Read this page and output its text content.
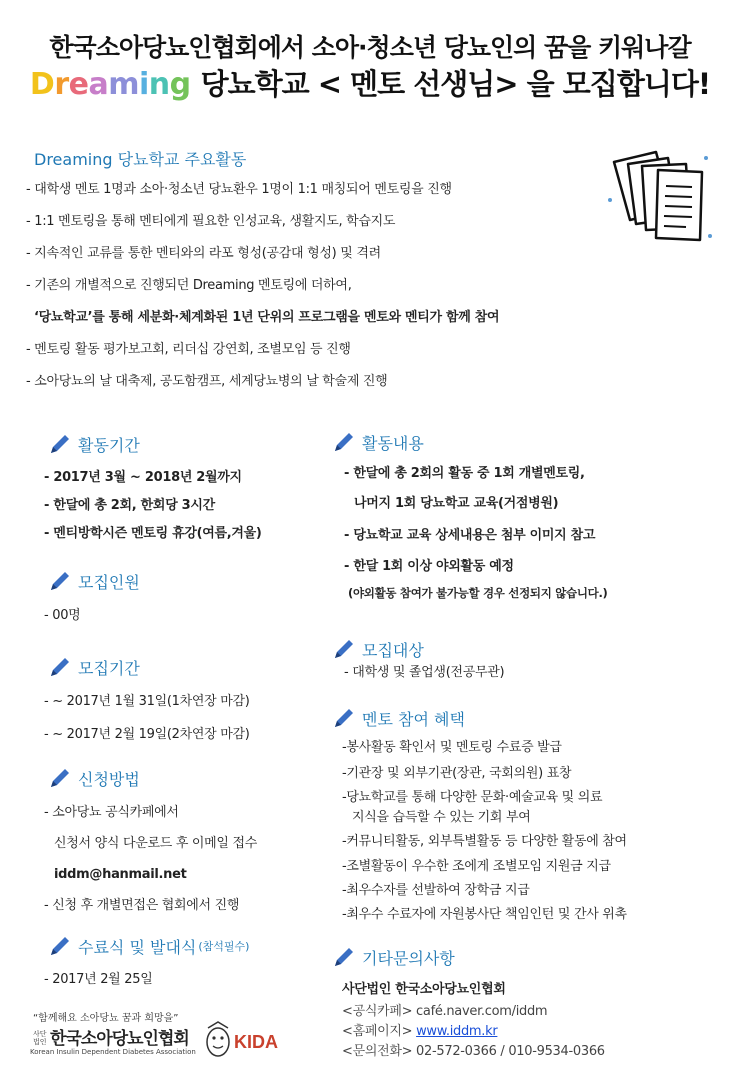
한국소아당뇨인협회에서 소아·청소년 당뇨인의 꿈을 키워나갈
Dreaming 당뇨학교 < 멘토 선생님> 을 모집합니다!
Dreaming 당뇨학교 주요활동
- 대학생 멘토 1명과 소아·청소년 당뇨환우 1명이 1:1 매칭되어 멘토링을 진행
- 1:1 멘토링을 통해 멘티에게 필요한 인성교육, 생활지도, 학습지도
- 지속적인 교류를 통한 멘티와의 라포 형성(공감대 형성) 및 격려
- 기존의 개별적으로 진행되던 Dreaming 멘토링에 더하여,
‘당뇨학교’를 통해 세분화·체계화된 1년 단위의 프로그램을 멘토와 멘티가 함께 참여
- 멘토링 활동 평가보고회, 리더십 강연회, 조별모임 등 진행
- 소아당뇨의 날 대축제, 공도함캠프, 세계당뇨병의 날 학술제 진행
활동기간
- 2017년 3월 ~ 2018년 2월까지
- 한달에 총 2회, 한회당 3시간
- 멘티방학시즌 멘토링 휴강(여름,겨울)
모집인원
- 00명
모집기간
- ~ 2017년 1월 31일(1차연장 마감)
- ~ 2017년 2월 19일(2차연장 마감)
신청방법
- 소아당뇨 공식카페에서
신청서 양식 다운로드 후 이메일 접수
iddm@hanmail.net
- 신청 후 개별면접은 협회에서 진행
수료식 및 발대식 (참석필수)
- 2017년 2월 25일
활동내용
- 한달에 총 2회의 활동 중 1회 개별멘토링,
나머지 1회 당뇨학교 교육(거점병원)
- 당뇨학교 교육 상세내용은 첨부 이미지 참고
- 한달 1회 이상 야외활동 예정
(야외활동 참여가 불가능할 경우 선정되지 않습니다.)
모집대상
- 대학생 및 졸업생(전공무관)
멘토 참여 혜택
-봉사활동 확인서 및 멘토링 수료증 발급
-기관장 및 외부기관(장관, 국회의원) 표창
-당뇨학교를 통해 다양한 문화·예술교육 및 의료
지식을 습득할 수 있는 기회 부여
-커뮤니티활동, 외부특별활동 등 다양한 활동에 참여
-조별활동이 우수한 조에게 조별모임 지원금 지급
-최우수자를 선발하여 장학금 지급
-최우수 수료자에 자원봉사단 책임인턴 및 간사 위촉
기타문의사항
사단법인 한국소아당뇨인협회
<공식카페> café.naver.com/iddm
<홈페이지> www.iddm.kr
<문의전화> 02-572-0366 / 010-9534-0366
“함께해요 소아당뇨 꿈과 희망을”
사단
법인 한국소아당뇨인협회
Korean Insulin Dependent Diabetes Association KIDA
